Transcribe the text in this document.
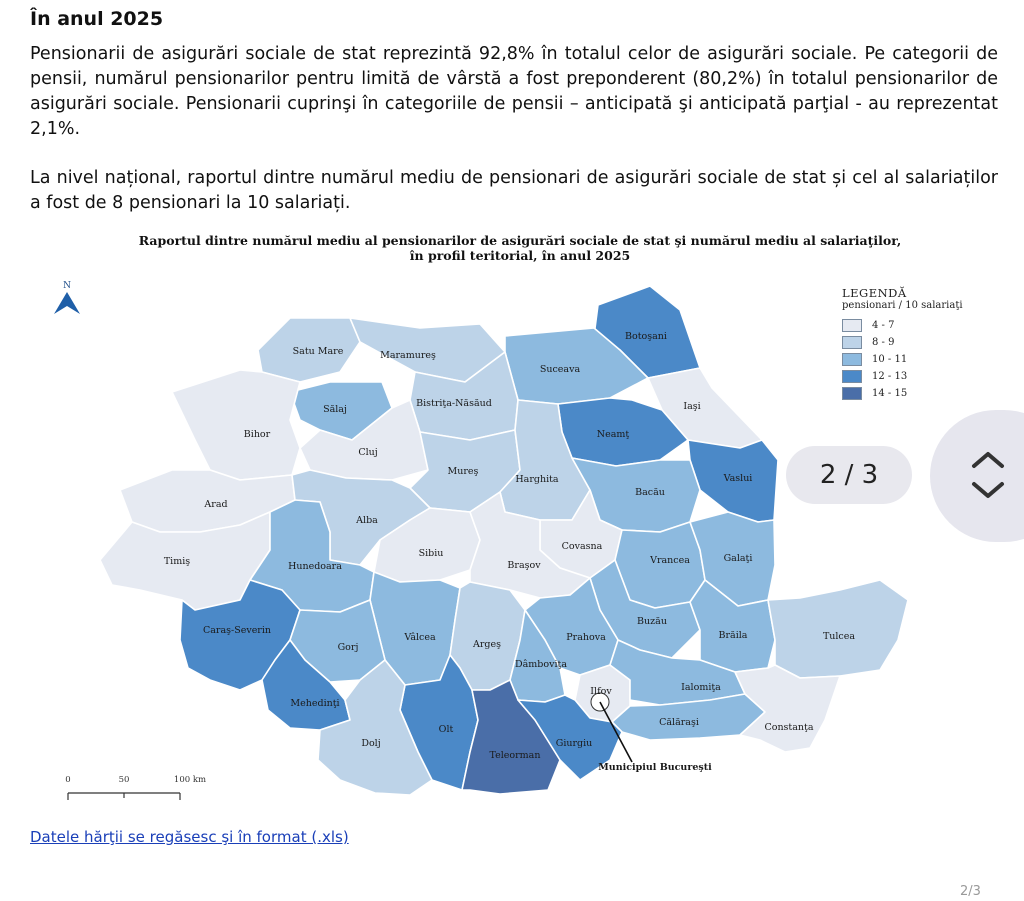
În anul 2025

Pensionarii de asigurări sociale de stat reprezintă 92,8% în totalul celor de asigurări sociale. Pe categorii de pensii, numărul pensionarilor pentru limită de vârstă a fost preponderent (80,2%) în totalul pensionarilor de asigurări sociale. Pensionarii cuprinşi în categoriile de pensii – anticipată şi anticipată parţial - au reprezentat 2,1%.

La nivel național, raportul dintre numărul mediu de pensionari de asigurări sociale de stat și cel al salariaților a fost de 8 pensionari la 10 salariați.

Raportul dintre numărul mediu al pensionarilor de asigurări sociale de stat şi numărul mediu al salariaţilor,
în profil teritorial, în anul 2025
Municipiul Bucureşti
Satu Mare	Maramureş
Botoşani
Suceava
Iaşi
Sălaj
Bistriţa-Năsăud
Neamţ
Bihor
Cluj
Vaslui
Mureş
Harghita
Bacău
Arad
Alba
Sibiu
Covasna
Timiş	Hunedoara	Braşov	Vrancea	Galaţi
Caraş-Severin
Vâlcea
Argeş
Buzău
Gorj
Prahova	Brăila	Tulcea
Dâmboviţa
Mehedinţi
Ilfov	Ialomiţa
Olt
Călăraşi	Constanţa
Dolj
Teleorman
Giurgiu
N
0	50	100 km
LEGENDĂ
pensionari / 10 salariaţi
4 - 7
8 - 9
10 - 11
12 - 13
14 - 15
2 / 3
Datele hărţii se regăsesc şi în format (.xls)
2/3
